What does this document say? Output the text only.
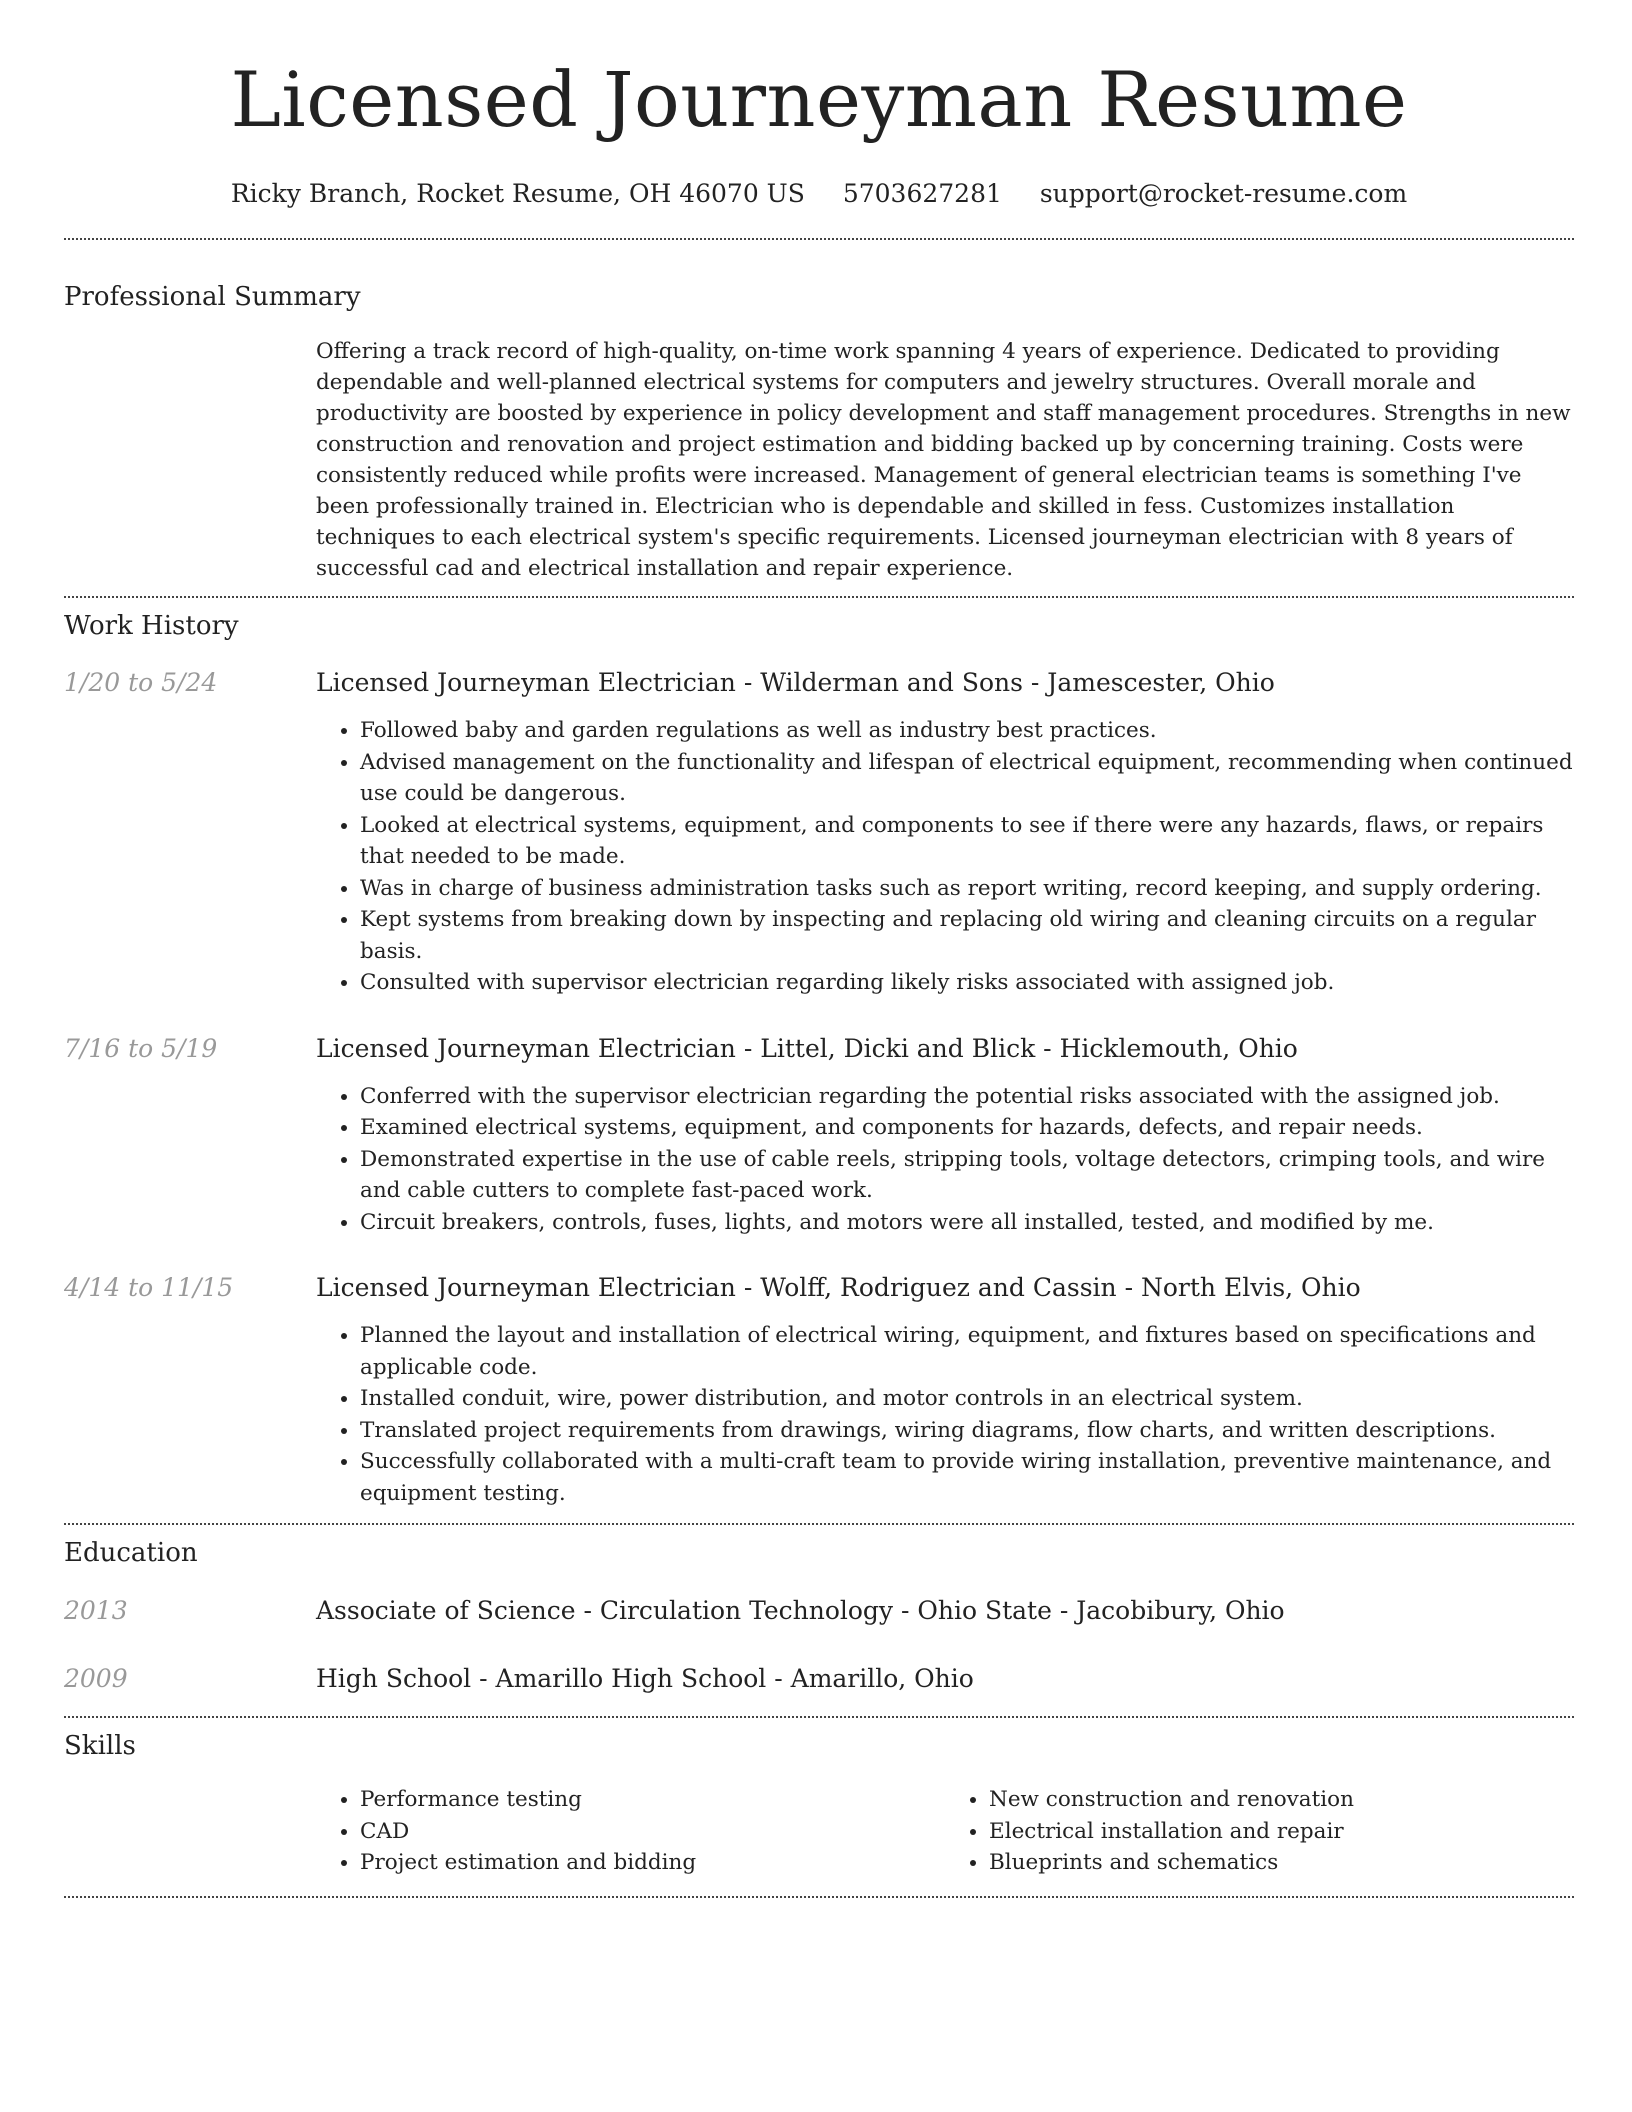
Licensed Journeyman Resume
Ricky Branch, Rocket Resume, OH 46070 US 5703627281 support@rocket-resume.com
Professional Summary

Offering a track record of high-quality, on-time work spanning 4 years of experience. Dedicated to providing dependable and well-planned electrical systems for computers and jewelry structures. Overall morale and productivity are boosted by experience in policy development and staff management procedures. Strengths in new construction and renovation and project estimation and bidding backed up by concerning training. Costs were consistently reduced while profits were increased. Management of general electrician teams is something I've been professionally trained in. Electrician who is dependable and skilled in fess. Customizes installation techniques to each electrical system's specific requirements. Licensed journeyman electrician with 8 years of successful cad and electrical installation and repair experience.

Work History
1/20 to 5/24	Licensed Journeyman Electrician - Wilderman and Sons - Jamescester, Ohio
• Followed baby and garden regulations as well as industry best practices.
• Advised management on the functionality and lifespan of electrical equipment, recommending when continued use could be dangerous.
• Looked at electrical systems, equipment, and components to see if there were any hazards, flaws, or repairs that needed to be made.
• Was in charge of business administration tasks such as report writing, record keeping, and supply ordering.
• Kept systems from breaking down by inspecting and replacing old wiring and cleaning circuits on a regular basis.
• Consulted with supervisor electrician regarding likely risks associated with assigned job.
7/16 to 5/19	Licensed Journeyman Electrician - Littel, Dicki and Blick - Hicklemouth, Ohio
• Conferred with the supervisor electrician regarding the potential risks associated with the assigned job.
• Examined electrical systems, equipment, and components for hazards, defects, and repair needs.
• Demonstrated expertise in the use of cable reels, stripping tools, voltage detectors, crimping tools, and wire and cable cutters to complete fast-paced work.
• Circuit breakers, controls, fuses, lights, and motors were all installed, tested, and modified by me.
4/14 to 11/15	Licensed Journeyman Electrician - Wolff, Rodriguez and Cassin - North Elvis, Ohio
• Planned the layout and installation of electrical wiring, equipment, and fixtures based on specifications and applicable code.
• Installed conduit, wire, power distribution, and motor controls in an electrical system.
• Translated project requirements from drawings, wiring diagrams, flow charts, and written descriptions.
• Successfully collaborated with a multi-craft team to provide wiring installation, preventive maintenance, and equipment testing.
Education
2013	Associate of Science - Circulation Technology - Ohio State - Jacobibury, Ohio
2009	High School - Amarillo High School - Amarillo, Ohio
Skills
• Performance testing
• CAD
• Project estimation and bidding
• New construction and renovation
• Electrical installation and repair
• Blueprints and schematics
